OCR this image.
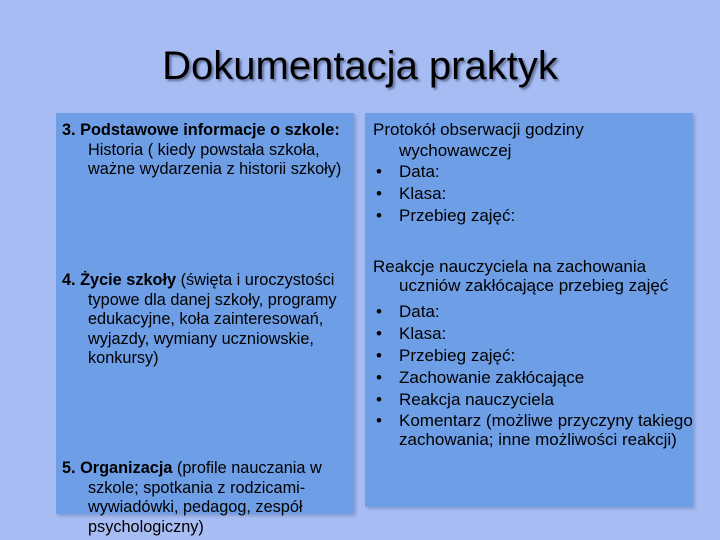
Dokumentacja praktyk

3. Podstawowe informacje o szkole:
Historia ( kiedy powstała szkoła, ważne wydarzenia z historii szkoły)

4. Życie szkoły (święta i uroczystości typowe dla danej szkoły, programy edukacyjne, koła zainteresowań, wyjazdy, wymiany uczniowskie, konkursy)

5. Organizacja (profile nauczania w szkole; spotkania z rodzicami-wywiadówki, pedagog, zespół psychologiczny)

Protokół obserwacji godziny wychowawczej

• Data:
• Klasa:
• Przebieg zajęć:

Reakcje nauczyciela na zachowania uczniów zakłócające przebieg zajęć

• Data:
• Klasa:
• Przebieg zajęć:
• Zachowanie zakłócające
• Reakcja nauczyciela
• Komentarz (możliwe przyczyny takiego zachowania; inne możliwości reakcji)
